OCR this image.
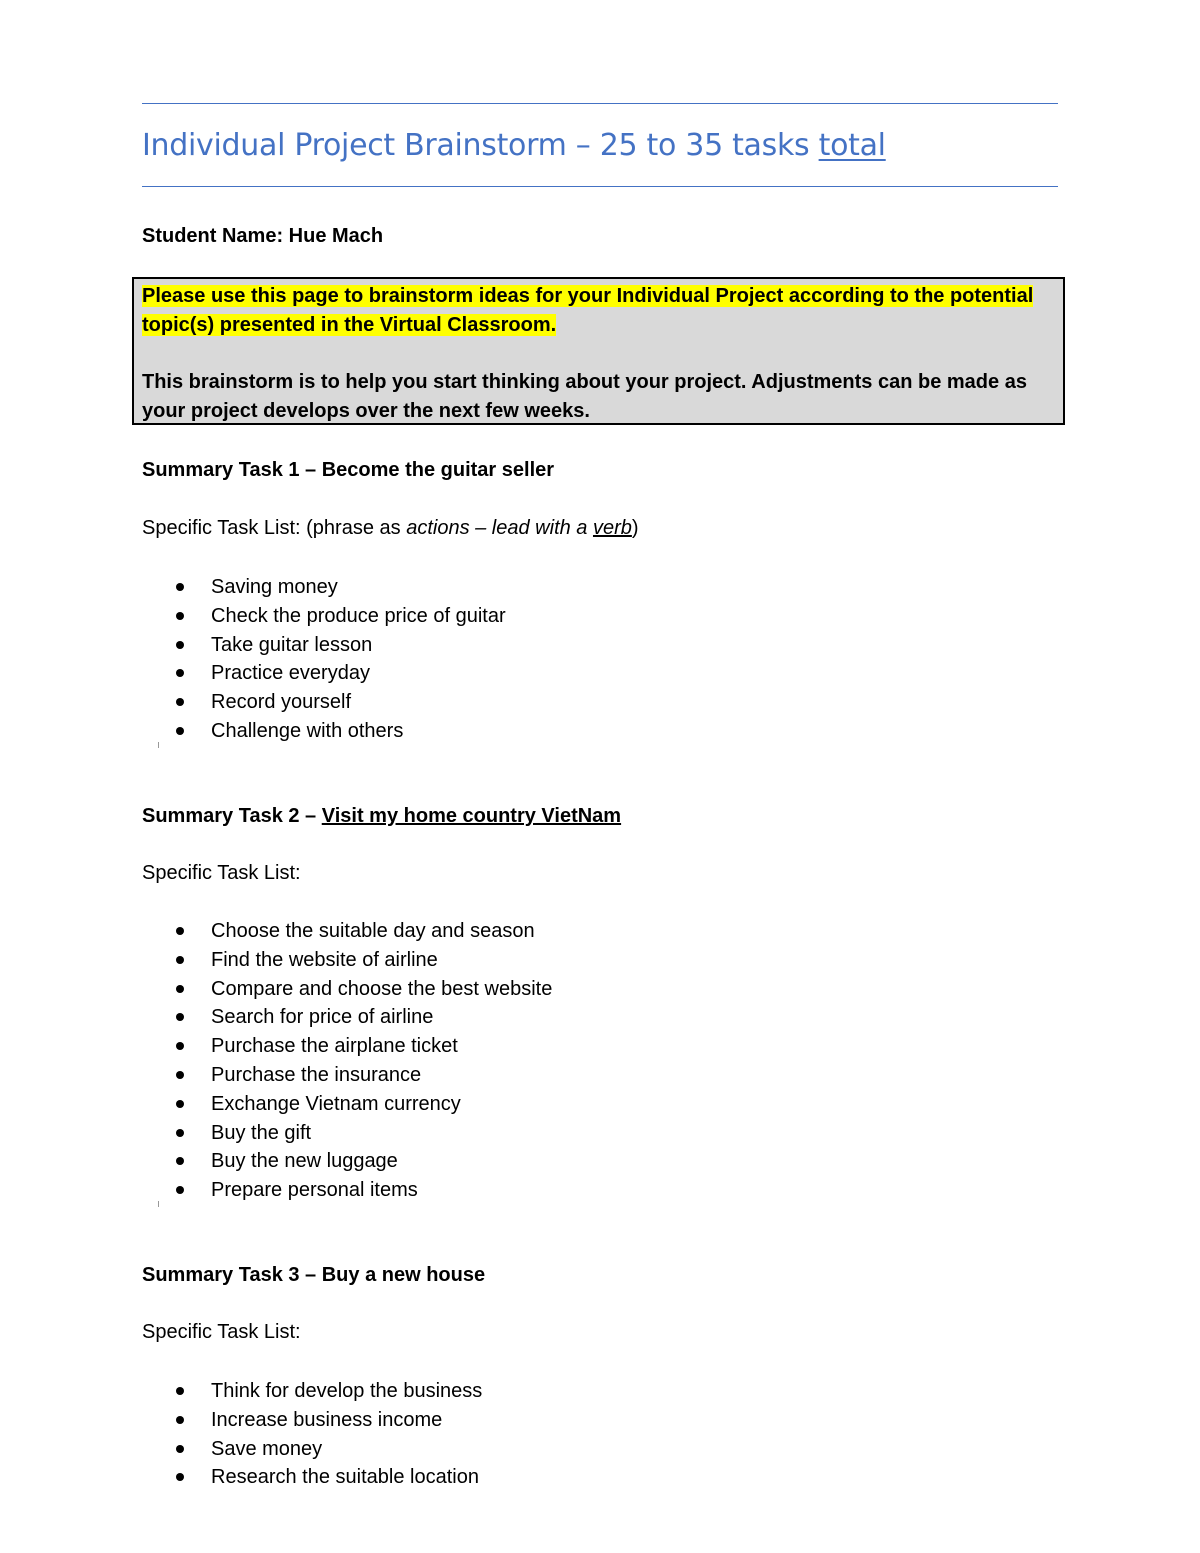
Individual Project Brainstorm – 25 to 35 tasks total
Student Name: Hue Mach
Please use this page to brainstorm ideas for your Individual Project according to the potential
topic(s) presented in the Virtual Classroom.
This brainstorm is to help you start thinking about your project. Adjustments can be made as
your project develops over the next few weeks.
Summary Task 1 – Become the guitar seller
Specific Task List: (phrase as actions – lead with a verb)
Saving money
Check the produce price of guitar
Take guitar lesson
Practice everyday
Record yourself
Challenge with others
Summary Task 2 – Visit my home country VietNam
Specific Task List:
Choose the suitable day and season
Find the website of airline
Compare and choose the best website
Search for price of airline
Purchase the airplane ticket
Purchase the insurance
Exchange Vietnam currency
Buy the gift
Buy the new luggage
Prepare personal items
Summary Task 3 – Buy a new house
Specific Task List:
Think for develop the business
Increase business income
Save money
Research the suitable location
